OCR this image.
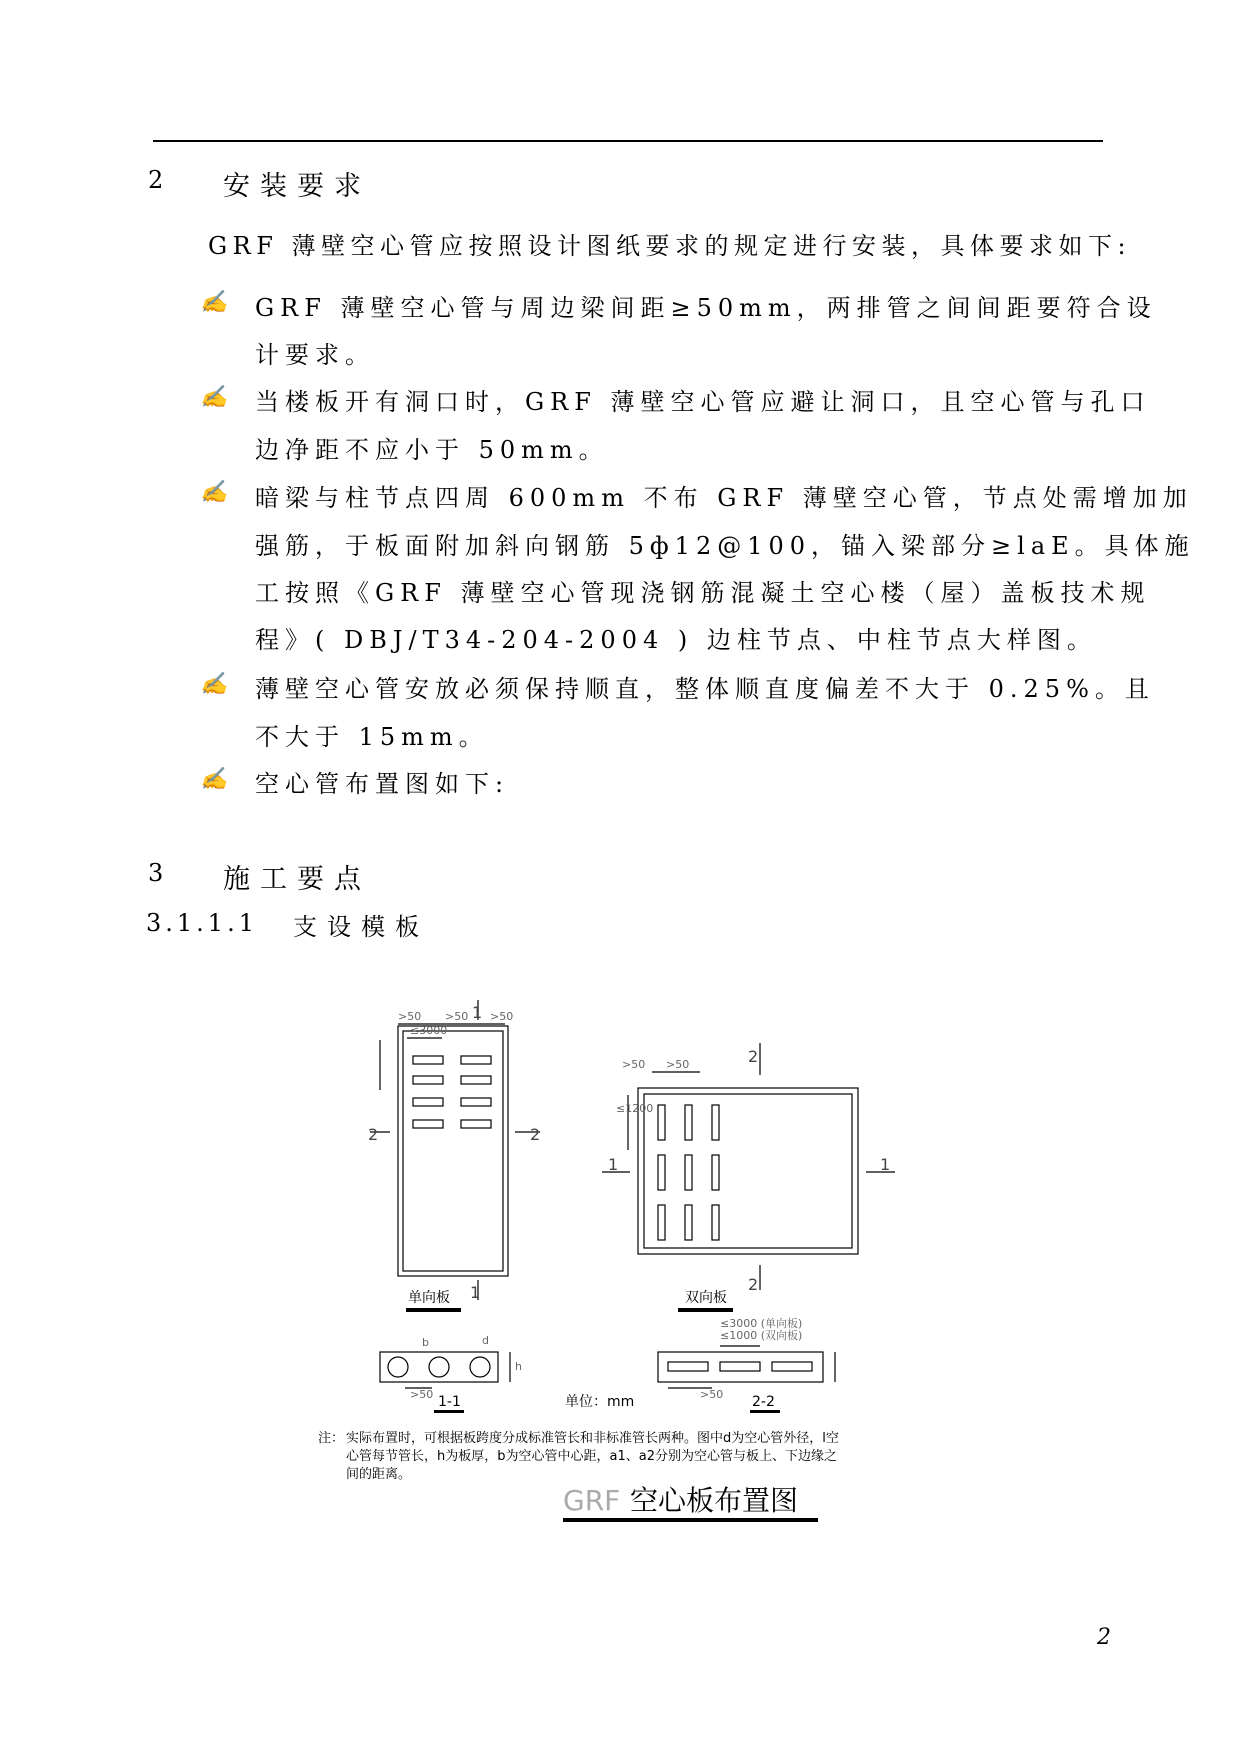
2 安装要求
GRF 薄壁空心管应按照设计图纸要求的规定进行安装，具体要求如下:
✍ GRF 薄壁空心管与周边梁间距≥50mm，两排管之间间距要符合设
计要求。
✍ 当楼板开有洞口时，GRF 薄壁空心管应避让洞口，且空心管与孔口
边净距不应小于 50mm。
✍ 暗梁与柱节点四周 600mm 不布 GRF 薄壁空心管，节点处需增加加
强筋，于板面附加斜向钢筋 5ф12@100，锚入梁部分≥laE。具体施
工按照《GRF 薄壁空心管现浇钢筋混凝土空心楼（屋）盖板技术规
程》( DBJ/T34-204-2004 ) 边柱节点、中柱节点大样图。
✍ 薄壁空心管安放必须保持顺直，整体顺直度偏差不大于 0.25%。且
不大于 15mm。
✍ 空心管布置图如下:
3 施工要点
3.1.1.1 支设模板
>50 >50 >50
≤3000
>50 >50
≤1200
≤3000 (单向板)
≤1000 (双向板)
>50	>50
b	d
h
1
1
2	2
2
2
1	1
单向板	双向板
1-1	2-2
单位：mm
注： 实际布置时，可根据板跨度分成标准管长和非标准管长两种。图中d为空心管外径，l空
心管每节管长，h为板厚，b为空心管中心距，a1、a2分别为空心管与板上、下边缘之
间的距离。
GRF 空心板布置图
2
